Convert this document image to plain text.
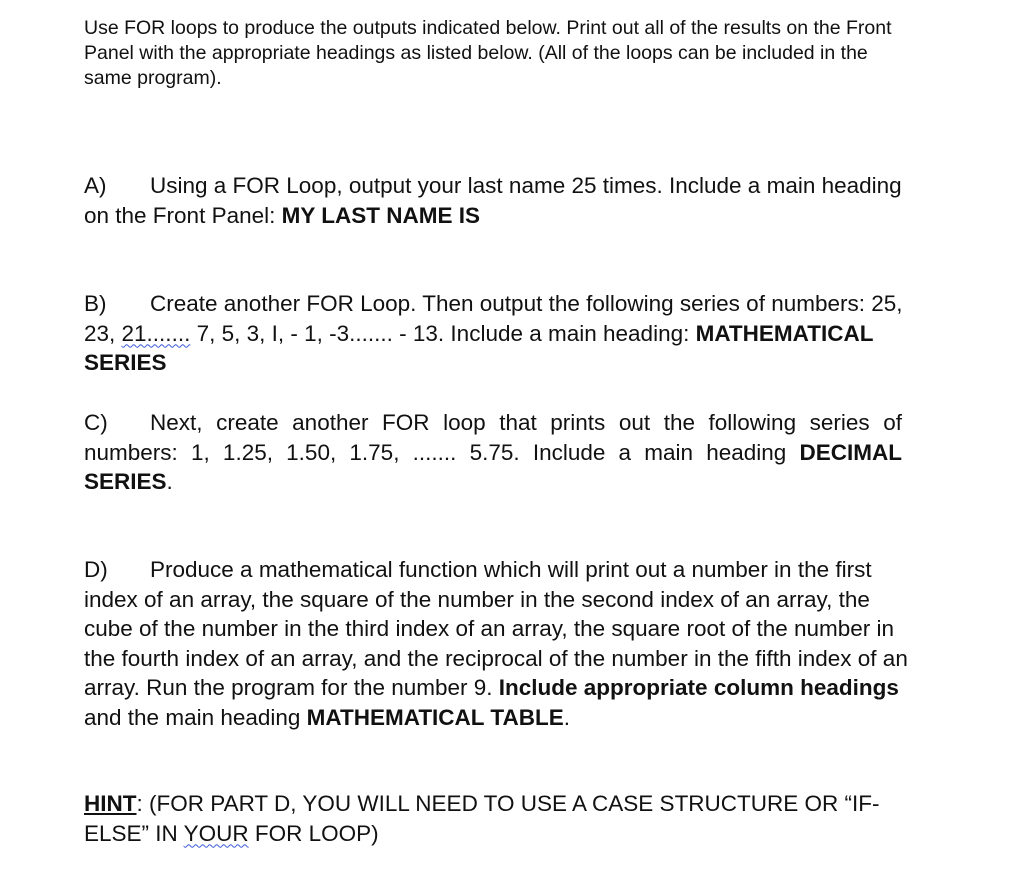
Use FOR loops to produce the outputs indicated below. Print out all of the results on the Front Panel with the appropriate headings as listed below. (All of the loops can be included in the same program).

A) Using a FOR Loop, output your last name 25 times. Include a main heading on the Front Panel: MY LAST NAME IS

B) Create another FOR Loop. Then output the following series of numbers: 25, 23, 21....... 7, 5, 3, I, - 1, -3....... - 13. Include a main heading: MATHEMATICAL SERIES

C) Next, create another FOR loop that prints out the following series of numbers: 1, 1.25, 1.50, 1.75, ....... 5.75. Include a main heading DECIMAL SERIES.

D) Produce a mathematical function which will print out a number in the first index of an array, the square of the number in the second index of an array, the cube of the number in the third index of an array, the square root of the number in the fourth index of an array, and the reciprocal of the number in the fifth index of an array. Run the program for the number 9. Include appropriate column headings and the main heading MATHEMATICAL TABLE.

HINT: (FOR PART D, YOU WILL NEED TO USE A CASE STRUCTURE OR “IF-ELSE” IN YOUR FOR LOOP)
